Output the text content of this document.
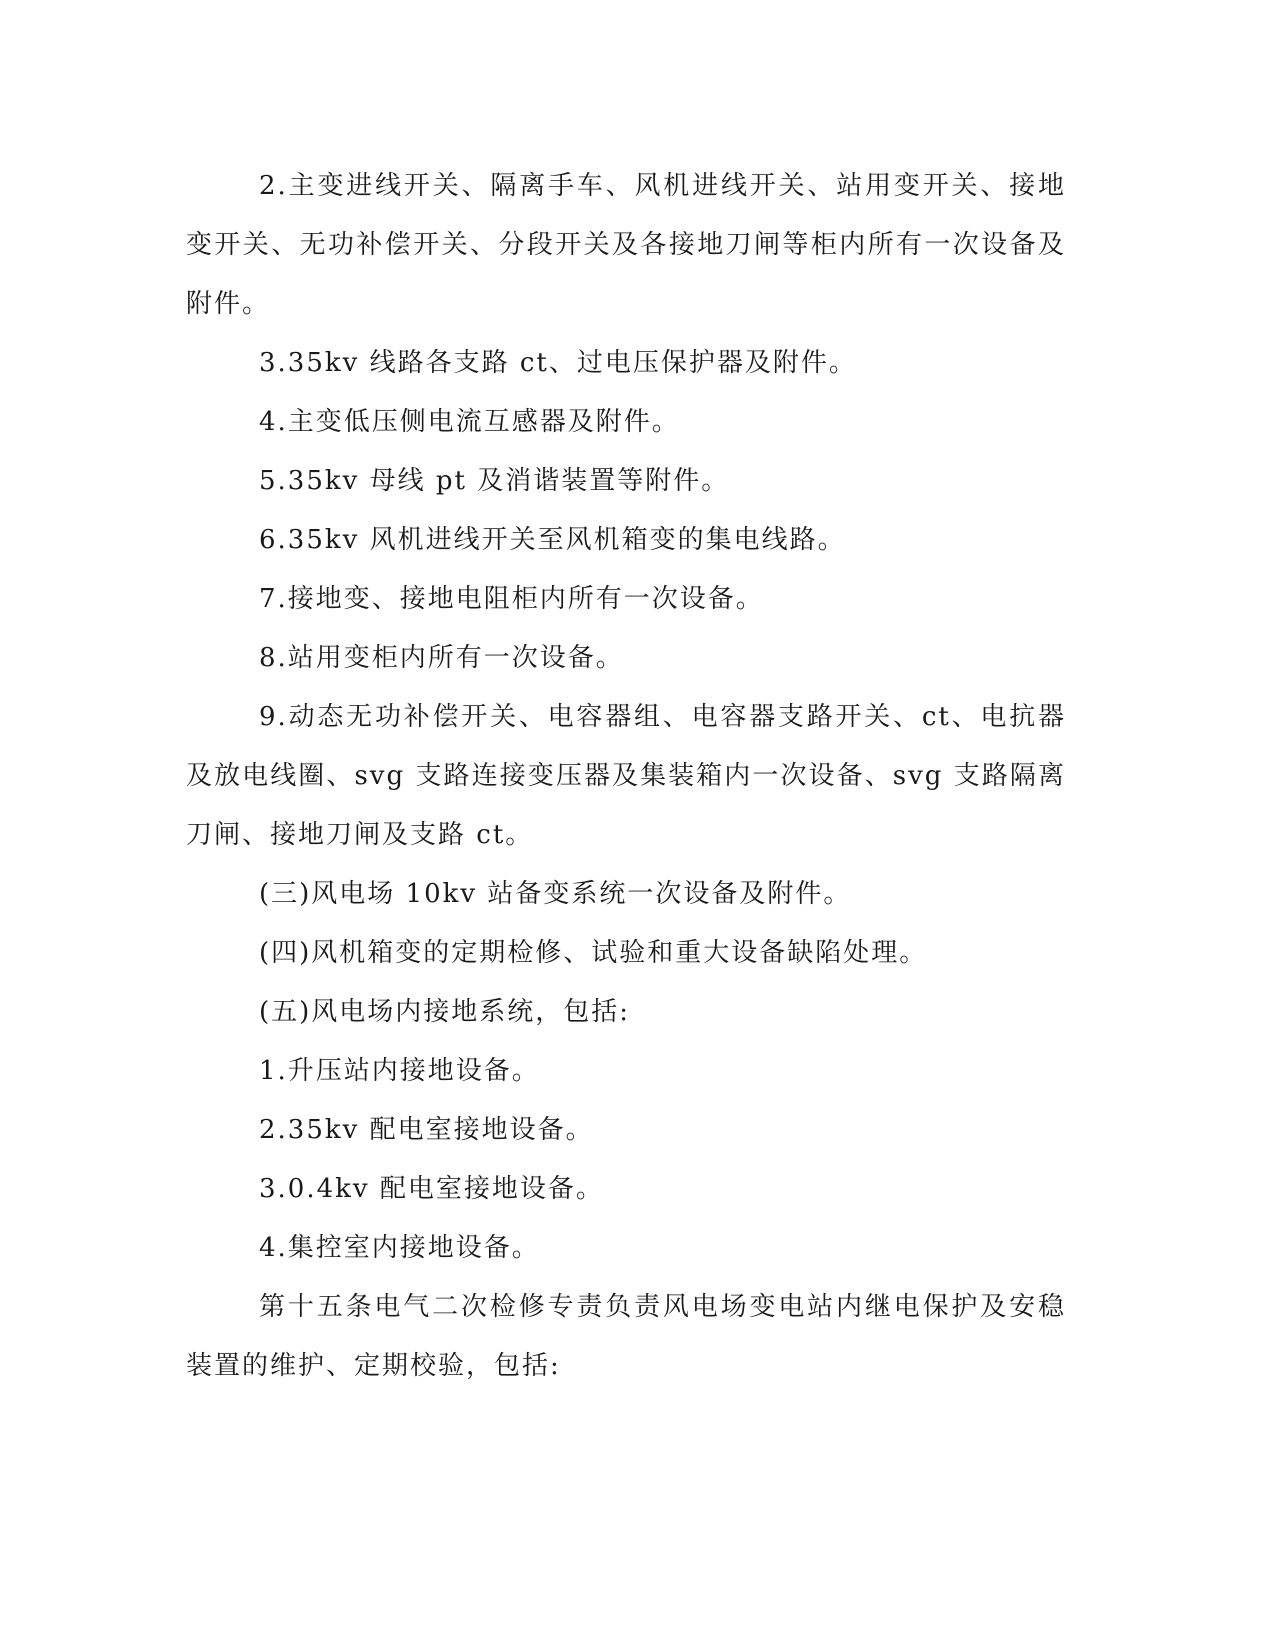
2.主变进线开关、隔离手车、风机进线开关、站用变开关、接地变开关、无功补偿开关、分段开关及各接地刀闸等柜内所有一次设备及附件。

3.35kv 线路各支路 ct、过电压保护器及附件。

4.主变低压侧电流互感器及附件。

5.35kv 母线 pt 及消谐装置等附件。

6.35kv 风机进线开关至风机箱变的集电线路。

7.接地变、接地电阻柜内所有一次设备。

8.站用变柜内所有一次设备。

9.动态无功补偿开关、电容器组、电容器支路开关、ct、电抗器及放电线圈、svg 支路连接变压器及集装箱内一次设备、svg 支路隔离刀闸、接地刀闸及支路 ct。

(三)风电场 10kv 站备变系统一次设备及附件。

(四)风机箱变的定期检修、试验和重大设备缺陷处理。

(五)风电场内接地系统，包括:

1.升压站内接地设备。

2.35kv 配电室接地设备。

3.0.4kv 配电室接地设备。

4.集控室内接地设备。

第十五条电气二次检修专责负责风电场变电站内继电保护及安稳装置的维护、定期校验，包括:
